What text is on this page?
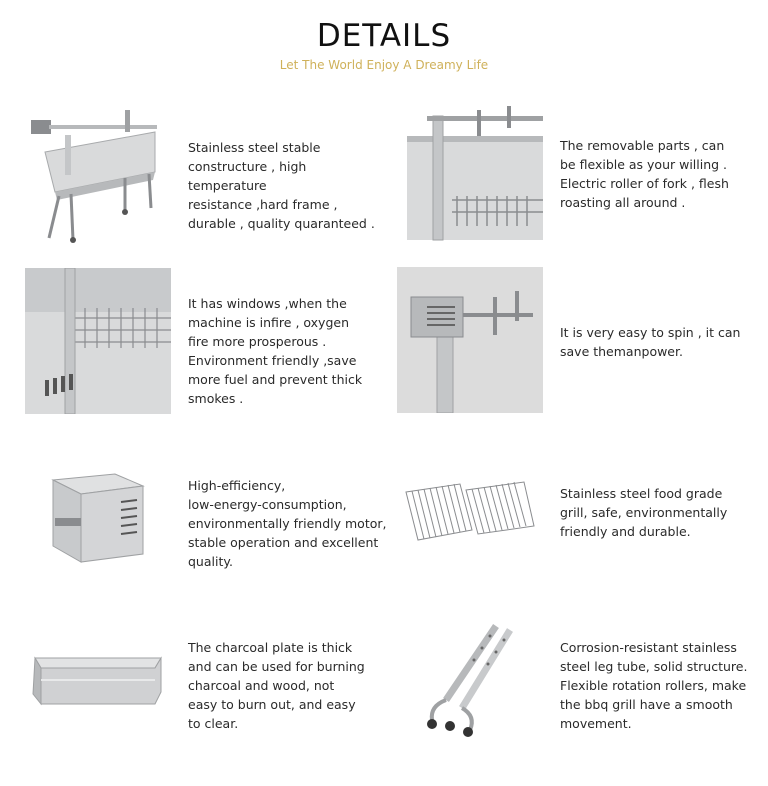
DETAILS
Let The World Enjoy A Dreamy Life
Stainless steel stable
constructure , high temperature
resistance ,hard frame ,
durable , quality quaranteed .
The removable parts , can
be flexible as your willing .
Electric roller of fork , flesh
roasting all around .
It has windows ,when the
machine is infire , oxygen
fire more prosperous .
Environment friendly ,save
more fuel and prevent thick
smokes .
It is very easy to spin , it can
save themanpower.
High-efficiency,
low-energy-consumption,
environmentally friendly motor,
stable operation and excellent
quality.
Stainless steel food grade
grill, safe, environmentally
friendly and durable.
The charcoal plate is thick
and can be used for burning
charcoal and wood, not
easy to burn out, and easy
to clear.
Corrosion-resistant stainless
steel leg tube, solid structure.
Flexible rotation rollers, make
the bbq grill have a smooth
movement.
